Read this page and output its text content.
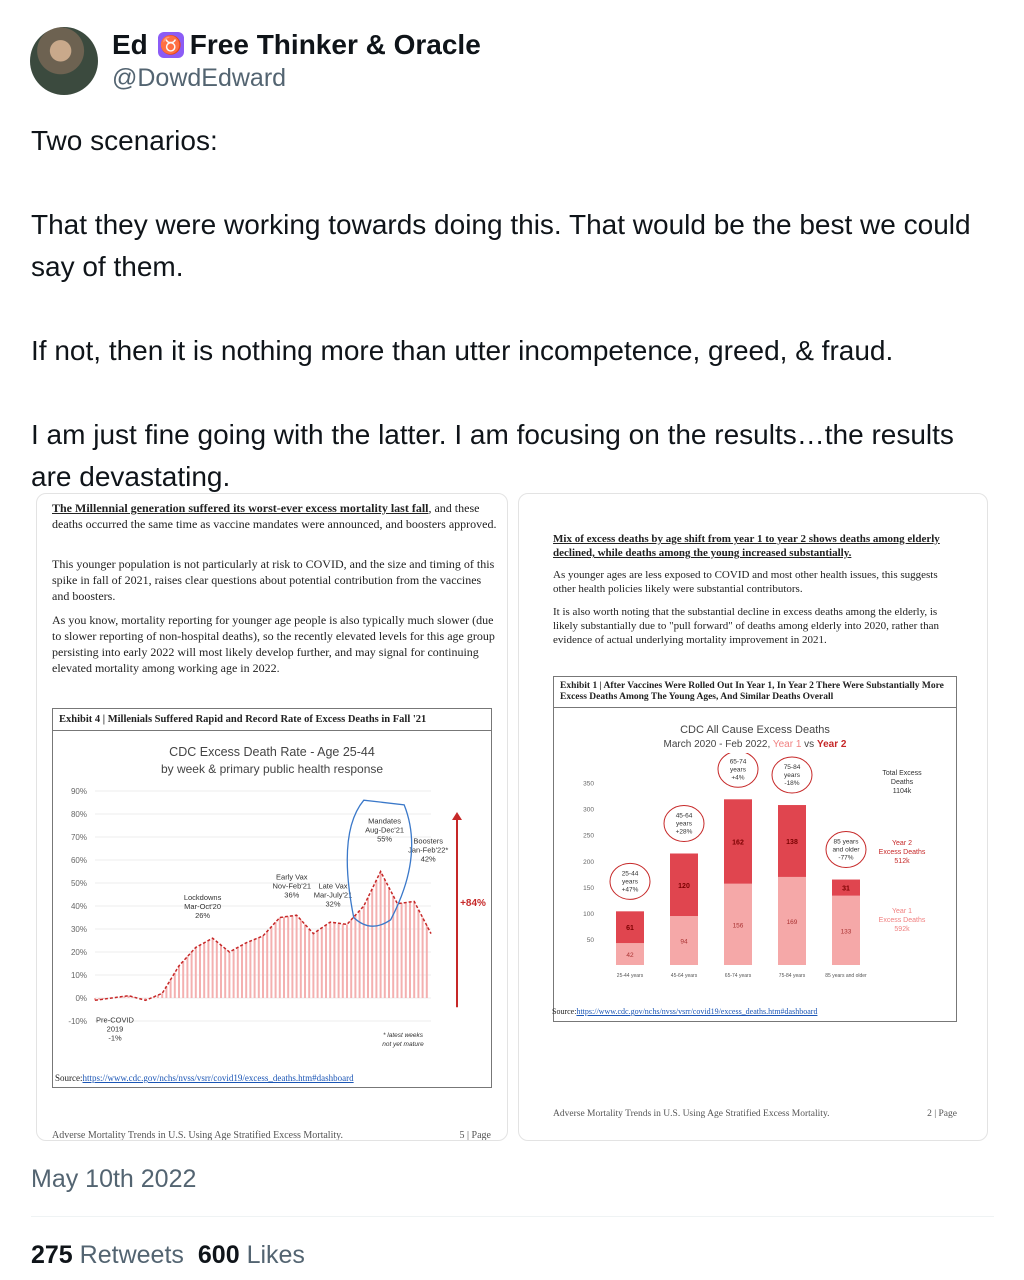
Ed ♉ Free Thinker & Oracle
@DowdEdward

Two scenarios:

That they were working towards doing this. That would be the best we could say of them.

If not, then it is nothing more than utter incompetence, greed, & fraud.

I am just fine going with the latter. I am focusing on the results…the results are devastating.

The Millennial generation suffered its worst-ever excess mortality last fall, and these deaths occurred the same time as vaccine mandates were announced, and boosters approved.
This younger population is not particularly at risk to COVID, and the size and timing of this spike in fall of 2021, raises clear questions about potential contribution from the vaccines and boosters.
As you know, mortality reporting for younger age people is also typically much slower (due to slower reporting of non-hospital deaths), so the recently elevated levels for this age group persisting into early 2022 will most likely develop further, and may signal for continuing elevated mortality among working age in 2022.
Exhibit 4 | Millenials Suffered Rapid and Record Rate of Excess Deaths in Fall '21
CDC Excess Death Rate - Age 25-44
by week & primary public health response
-10%
0%
10%
20%
30%
40%
50%
60%
70%
80%
90%
Pre-COVID 2019 -1%
Lockdowns Mar-Oct'20 26%
Early Vax Nov-Feb'21 36%
Late Vax Mar-July'21 32%
Mandates Aug-Dec'21 55%	Boosters Jan-Feb'22* 42%
+84%
* latest weeks
not yet mature
Source:https://www.cdc.gov/nchs/nvss/vsrr/covid19/excess_deaths.htm#dashboard
Adverse Mortality Trends in U.S. Using Age Stratified Excess Mortality.	5 | Page
Mix of excess deaths by age shift from year 1 to year 2 shows deaths among elderly declined, while deaths among the young increased substantially.
As younger ages are less exposed to COVID and most other health issues, this suggests other health policies likely were substantial contributors.
It is also worth noting that the substantial decline in excess deaths among the elderly, is likely substantially due to "pull forward" of deaths among elderly into 2020, rather than evidence of actual underlying mortality improvement in 2021.
Exhibit 1 | After Vaccines Were Rolled Out In Year 1, In Year 2 There Were Substantially More Excess Deaths Among The Young Ages, And Similar Deaths Overall
CDC All Cause Excess Deaths
March 2020 - Feb 2022, Year 1 vs Year 2
50
100
150
200
250
300
350
42
61
25-44 years
25-44 years +47%
94
120
45-64 years
45-64 years +28%
156
162
65-74 years
65-74 years +4%
169
138
75-84 years
75-84 years -18%
133
31
85 years and older
85 years and older -77%
Total Excess Deaths 1104k
Year 2 Excess Deaths 512k
Year 1 Excess Deaths 592k
Source:https://www.cdc.gov/nchs/nvss/vsrr/covid19/excess_deaths.htm#dashboard
Adverse Mortality Trends in U.S. Using Age Stratified Excess Mortality.	2 | Page
May 10th 2022
275 Retweets 600 Likes
